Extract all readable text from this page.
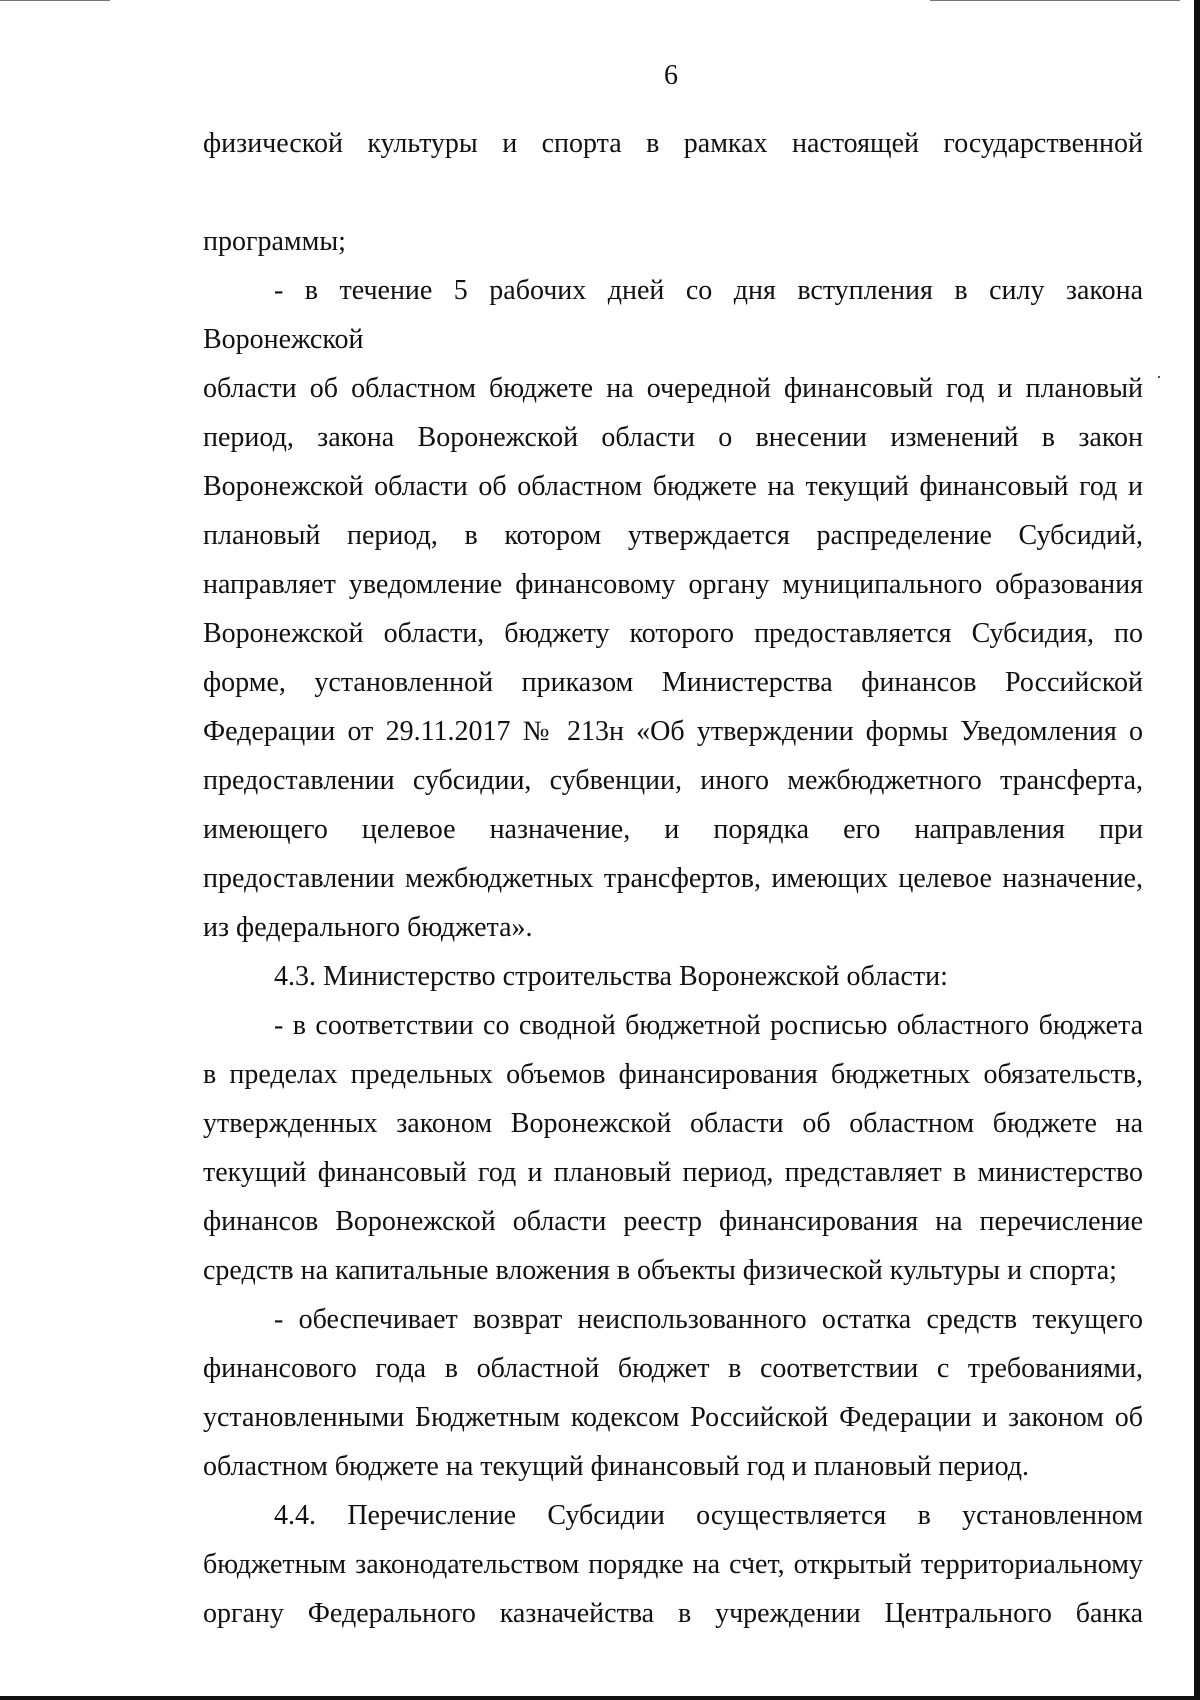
6

физической культуры и спорта в рамках настоящей государственной

программы;

- в течение 5 рабочих дней со дня вступления в силу закона Воронежской
области об областном бюджете на очередной финансовый год и плановый
период, закона Воронежской области о внесении изменений в закон
Воронежской области об областном бюджете на текущий финансовый год и
плановый период, в котором утверждается распределение Субсидий,
направляет уведомление финансовому органу муниципального образования
Воронежской области, бюджету которого предоставляется Субсидия, по
форме, установленной приказом Министерства финансов Российской
Федерации от 29.11.2017 № 213н «Об утверждении формы Уведомления о
предоставлении субсидии, субвенции, иного межбюджетного трансферта,
имеющего целевое назначение, и порядка его направления при
предоставлении межбюджетных трансфертов, имеющих целевое назначение,

из федерального бюджета».

4.3. Министерство строительства Воронежской области:

- в соответствии со сводной бюджетной росписью областного бюджета
в пределах предельных объемов финансирования бюджетных обязательств,
утвержденных законом Воронежской области об областном бюджете на
текущий финансовый год и плановый период, представляет в министерство
финансов Воронежской области реестр финансирования на перечисление

средств на капитальные вложения в объекты физической культуры и спорта;

- обеспечивает возврат неиспользованного остатка средств текущего
финансового года в областной бюджет в соответствии с требованиями,
установленными Бюджетным кодексом Российской Федерации и законом об

областном бюджете на текущий финансовый год и плановый период.

4.4. Перечисление Субсидии осуществляется в установленном
бюджетным законодательством порядке на счет, открытый территориальному
органу Федерального казначейства в учреждении Центрального банка
